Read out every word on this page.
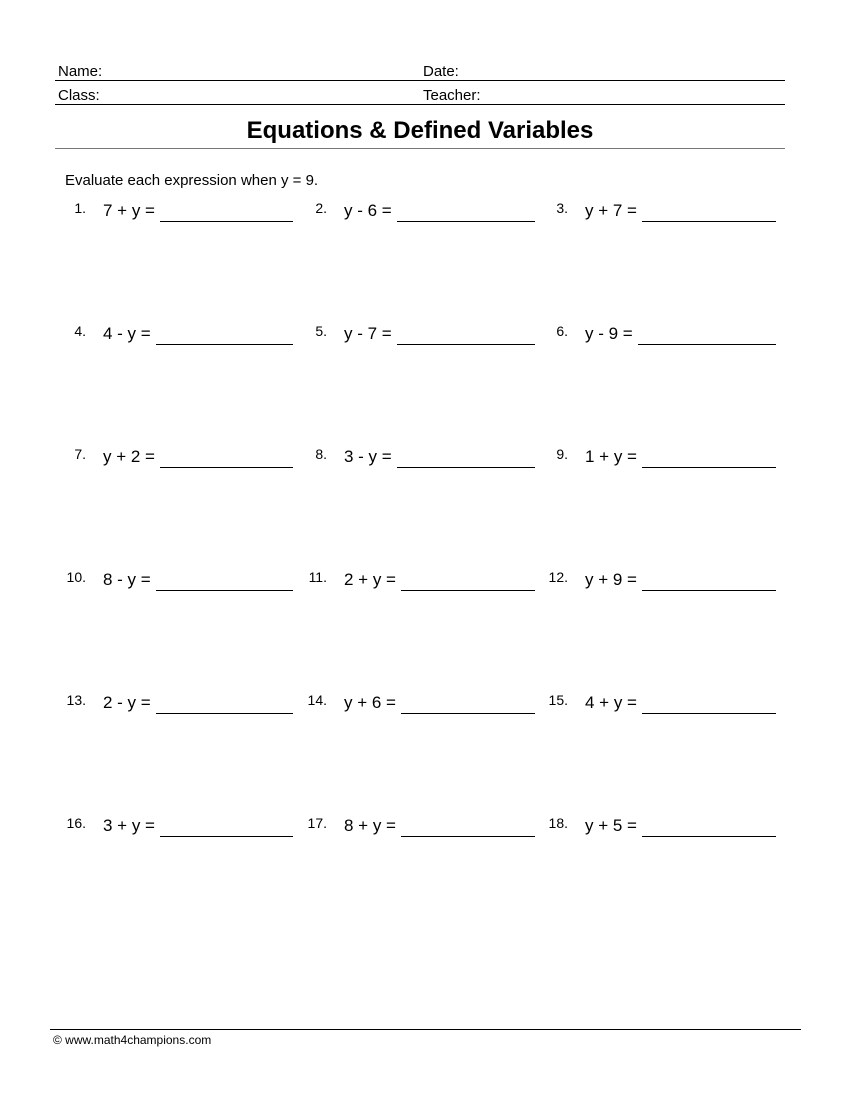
Name:	Date:
Class:	Teacher:
Equations & Defined Variables
Evaluate each expression when y = 9.
1. 7 + y =	2. y - 6 =	3. y + 7 =
4. 4 - y =	5. y - 7 =	6. y - 9 =
7. y + 2 =	8. 3 - y =	9. 1 + y =
10. 8 - y =	11. 2 + y =	12. y + 9 =
13. 2 - y =	14. y + 6 =	15. 4 + y =
16. 3 + y =	17. 8 + y =	18. y + 5 =
© www.math4champions.com
